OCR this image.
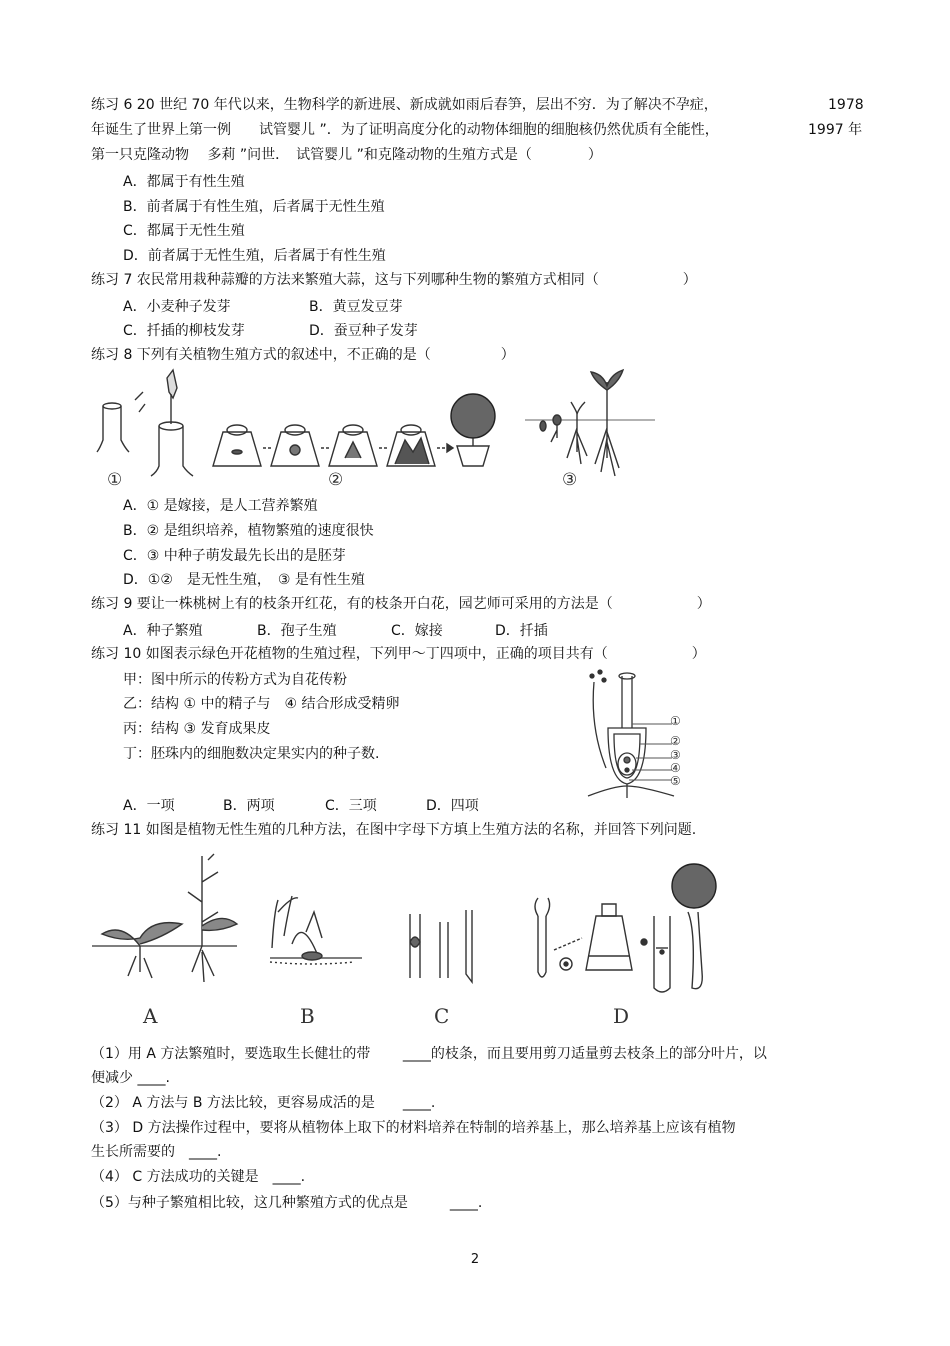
练习 6 20 世纪 70 年代以来，生物科学的新进展、新成就如雨后春笋，层出不穷．为了解决不孕症，	1978
年诞生了世界上第一例　　试管婴儿 ”．为了证明高度分化的动物体细胞的细胞核仍然优质有全能性，	1997 年
第一只克隆动物　 多莉 ”问世．　试管婴儿 ”和克隆动物的生殖方式是（　　　　）
A．都属于有性生殖
B．前者属于有性生殖，后者属于无性生殖
C．都属于无性生殖
D．前者属于无性生殖，后者属于有性生殖
练习 7 农民常用栽种蒜瓣的方法来繁殖大蒜，这与下列哪种生物的繁殖方式相同（　　　　　　）
A．小麦种子发芽	B．黄豆发豆芽
C．扦插的柳枝发芽	D．蚕豆种子发芽
练习 8 下列有关植物生殖方式的叙述中，不正确的是（　　　　　）
①	②	③
A．① 是嫁接，是人工营养繁殖
B．② 是组织培养，植物繁殖的速度很快
C．③ 中种子萌发最先长出的是胚芽
D．①②　是无性生殖，　③ 是有性生殖
练习 9 要让一株桃树上有的枝条开红花，有的枝条开白花，园艺师可采用的方法是（　　　　　　）
A．种子繁殖	B．孢子生殖	C．嫁接	D．扦插
练习 10 如图表示绿色开花植物的生殖过程，下列甲～丁四项中，正确的项目共有（　　　　　　）
甲：图中所示的传粉方式为自花传粉
乙：结构 ① 中的精子与　④ 结合形成受精卵
丙：结构 ③ 发育成果皮
丁：胚珠内的细胞数决定果实内的种子数.
①
②
③
④
⑤
A．一项	B．两项	C．三项	D．四项
练习 11 如图是植物无性生殖的几种方法，在图中字母下方填上生殖方法的名称，并回答下列问题.
A	B	C	D
（1）用 A 方法繁殖时，要选取生长健壮的带　　 ____的枝条，而且要用剪刀适量剪去枝条上的部分叶片，以
便减少 ____.
（2） A 方法与 B 方法比较，更容易成活的是　　____.
（3） D 方法操作过程中，要将从植物体上取下的材料培养在特制的培养基上，那么培养基上应该有植物
生长所需要的　____.
（4） C 方法成功的关键是　____.
（5）与种子繁殖相比较，这几种繁殖方式的优点是　　　____.
2
